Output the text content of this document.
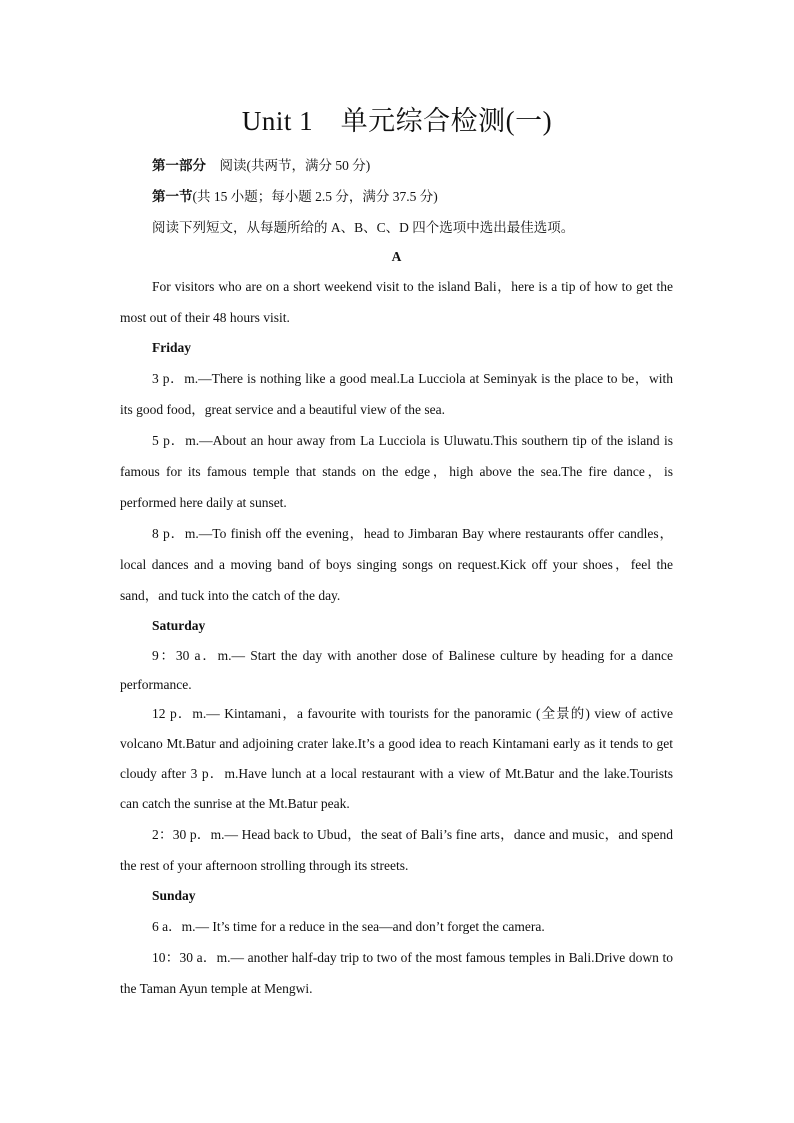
Unit 1　单元综合检测(一)

第一部分　阅读(共两节，满分 50 分)

第一节(共 15 小题；每小题 2.5 分，满分 37.5 分)

阅读下列短文，从每题所给的 A、B、C、D 四个选项中选出最佳选项。

A

For visitors who are on a short weekend visit to the island Bali，here is a tip of how to get the most out of their 48 hours visit.

Friday

3 p．m.—There is nothing like a good meal.La Lucciola at Seminyak is the place to be，with its good food，great service and a beautiful view of the sea.

5 p．m.—About an hour away from La Lucciola is Uluwatu.This southern tip of the island is famous for its famous temple that stands on the edge，high above the sea.The fire dance，is performed here daily at sunset.

8 p．m.—To finish off the evening，head to Jimbaran Bay where restaurants offer candles，local dances and a moving band of boys singing songs on request.Kick off your shoes，feel the sand，and tuck into the catch of the day.

Saturday

9：30 a．m.— Start the day with another dose of Balinese culture by heading for a dance performance.

12 p．m.— Kintamani，a favourite with tourists for the panoramic (全景的) view of active volcano Mt.Batur and adjoining crater lake.It’s a good idea to reach Kintamani early as it tends to get cloudy after 3 p．m.Have lunch at a local restaurant with a view of Mt.Batur and the lake.Tourists can catch the sunrise at the Mt.Batur peak.

2：30 p．m.— Head back to Ubud，the seat of Bali’s fine arts，dance and music，and spend the rest of your afternoon strolling through its streets.

Sunday

6 a．m.— It’s time for a reduce in the sea—and don’t forget the camera.

10：30 a．m.— another half-day trip to two of the most famous temples in Bali.Drive down to the Taman Ayun temple at Mengwi.
